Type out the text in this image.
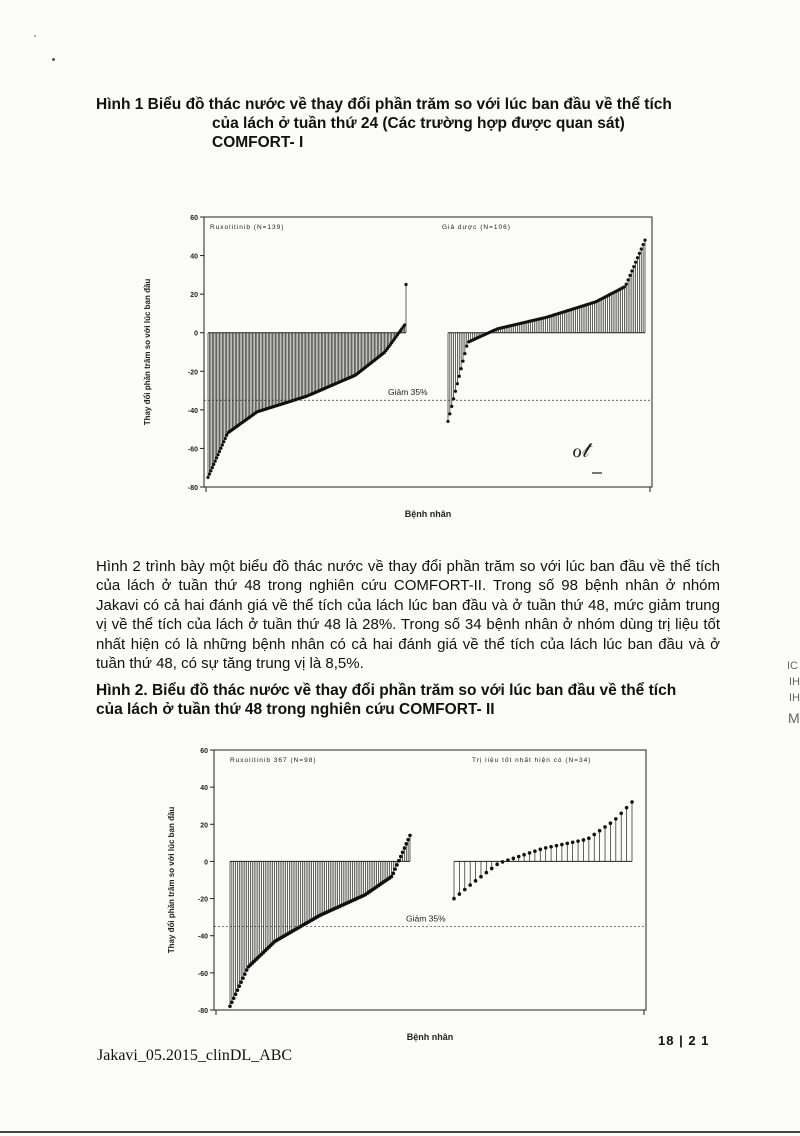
Hình 1 Biểu đồ thác nước về thay đổi phần trăm so với lúc ban đầu về thể tích
của lách ở tuần thứ 24 (Các trường hợp được quan sát)
COMFORT- I
-80
-60
-40
-20
0
20
40
60
Thay đổi phần trăm so với lúc ban đầu
Bệnh nhân
Ruxolitinib (N=139)	Giả dược (N=106)
Giảm 35%
ℴ𝓉
Hình 2 trình bày một biểu đồ thác nước về thay đổi phần trăm so với lúc ban đầu về thể tích của lách ở tuần thứ 48 trong nghiên cứu COMFORT-II. Trong số 98 bệnh nhân ở nhóm Jakavi có cả hai đánh giá về thể tích của lách lúc ban đầu và ở tuần thứ 48, mức giảm trung vị về thể tích của lách ở tuần thứ 48 là 28%. Trong số 34 bệnh nhân ở nhóm dùng trị liệu tốt nhất hiện có là những bệnh nhân có cả hai đánh giá về thể tích của lách lúc ban đầu và ở tuần thứ 48, có sự tăng trung vị là 8,5%.
Hình 2. Biểu đồ thác nước về thay đổi phần trăm so với lúc ban đầu về thể tích
của lách ở tuần thứ 48 trong nghiên cứu COMFORT- II
-80
-60
-40
-20
0
20
40
60
Thay đổi phần trăm so với lúc ban đầu
Bệnh nhân
Ruxolitinib 367 (N=98)	Trị liệu tốt nhất hiện có (N=34)
Giảm 35%
Jakavi_05.2015_clinDL_ABC
18 | 2 1
IC
IH
IH
M
